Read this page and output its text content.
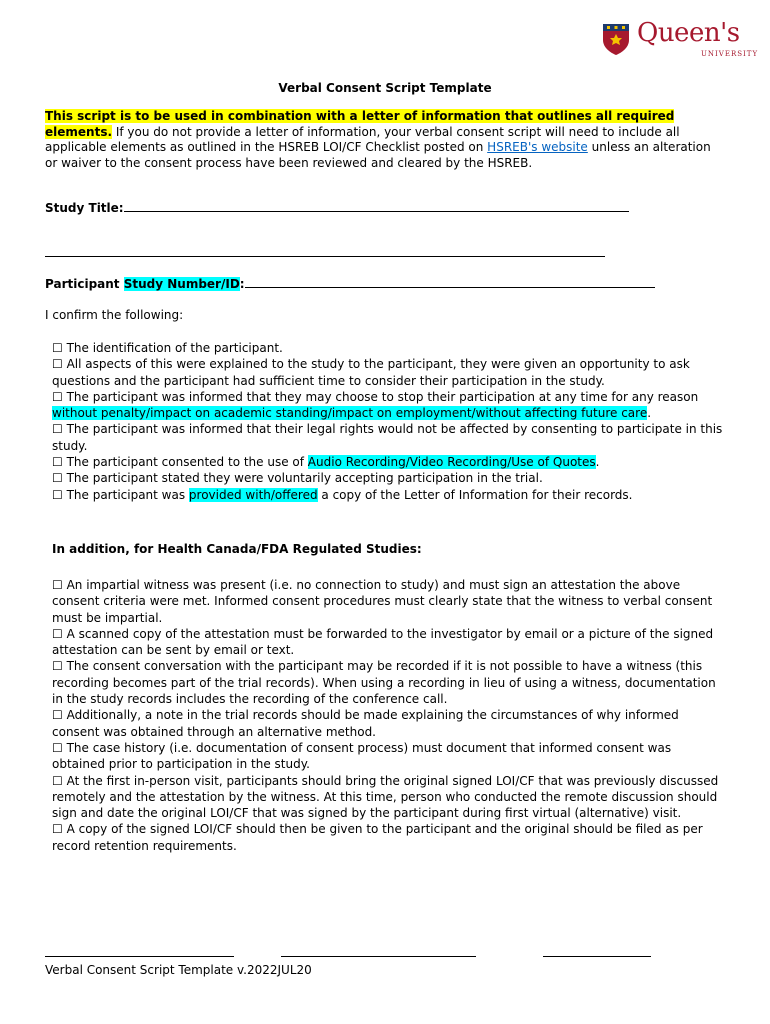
Queen's
UNIVERSITY
Verbal Consent Script Template
This script is to be used in combination with a letter of information that outlines all required elements. If you do not provide a letter of information, your verbal consent script will need to include all applicable elements as outlined in the HSREB LOI/CF Checklist posted on HSREB's website unless an alteration or waiver to the consent process have been reviewed and cleared by the HSREB.
Study Title:
Participant Study Number/ID:
I confirm the following:

☐ The identification of the participant.

☐ All aspects of this were explained to the study to the participant, they were given an opportunity to ask questions and the participant had sufficient time to consider their participation in the study.

☐ The participant was informed that they may choose to stop their participation at any time for any reason without penalty/impact on academic standing/impact on employment/without affecting future care.

☐ The participant was informed that their legal rights would not be affected by consenting to participate in this study.

☐ The participant consented to the use of Audio Recording/Video Recording/Use of Quotes.

☐ The participant stated they were voluntarily accepting participation in the trial.

☐ The participant was provided with/offered a copy of the Letter of Information for their records.

In addition, for Health Canada/FDA Regulated Studies:

☐ An impartial witness was present (i.e. no connection to study) and must sign an attestation the above consent criteria were met. Informed consent procedures must clearly state that the witness to verbal consent must be impartial.

☐ A scanned copy of the attestation must be forwarded to the investigator by email or a picture of the signed attestation can be sent by email or text.

☐ The consent conversation with the participant may be recorded if it is not possible to have a witness (this recording becomes part of the trial records). When using a recording in lieu of using a witness, documentation in the study records includes the recording of the conference call.

☐ Additionally, a note in the trial records should be made explaining the circumstances of why informed consent was obtained through an alternative method.

☐ The case history (i.e. documentation of consent process) must document that informed consent was obtained prior to participation in the study.

☐ At the first in-person visit, participants should bring the original signed LOI/CF that was previously discussed remotely and the attestation by the witness. At this time, person who conducted the remote discussion should sign and date the original LOI/CF that was signed by the participant during first virtual (alternative) visit.

☐ A copy of the signed LOI/CF should then be given to the participant and the original should be filed as per record retention requirements.

Verbal Consent Script Template v.2022JUL20
